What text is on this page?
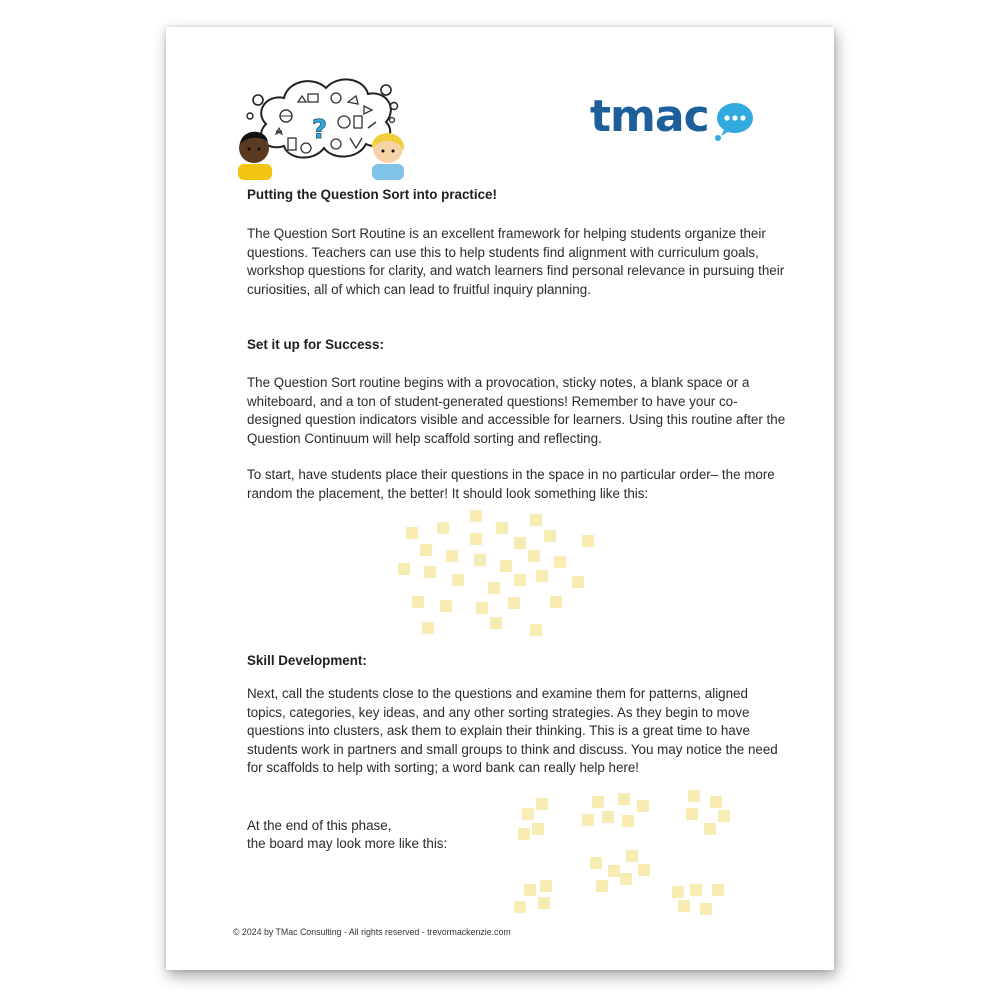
?	tmac
Putting the Question Sort into practice!
The Question Sort Routine is an excellent framework for helping students organize their questions. Teachers can use this to help students find alignment with curriculum goals, workshop questions for clarity, and watch learners find personal relevance in pursuing their curiosities, all of which can lead to fruitful inquiry planning.
Set it up for Success:
The Question Sort routine begins with a provocation, sticky notes, a blank space or a whiteboard, and a ton of student-generated questions! Remember to have your co-designed question indicators visible and accessible for learners. Using this routine after the Question Continuum will help scaffold sorting and reflecting.
To start, have students place their questions in the space in no particular order– the more random the placement, the better! It should look something like this:
Skill Development:
Next, call the students close to the questions and examine them for patterns, aligned topics, categories, key ideas, and any other sorting strategies. As they begin to move questions into clusters, ask them to explain their thinking. This is a great time to have students work in partners and small groups to think and discuss. You may notice the need for scaffolds to help with sorting; a word bank can really help here!
At the end of this phase,
the board may look more like this:
© 2024 by TMac Consulting - All rights reserved - trevormackenzie.com
